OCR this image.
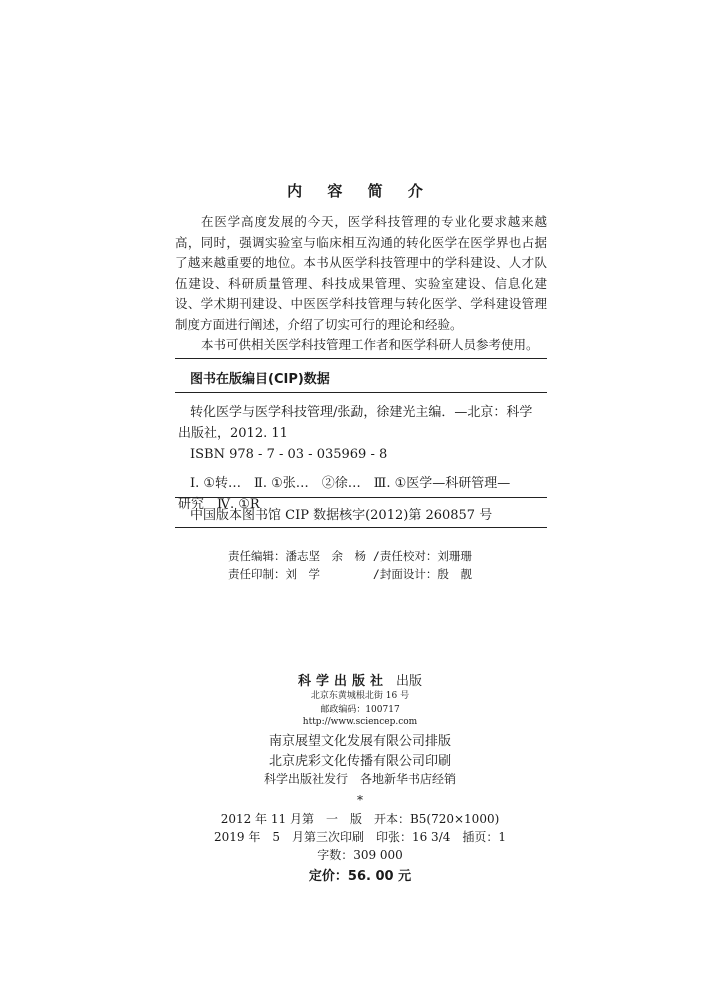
内 容 简 介

在医学高度发展的今天，医学科技管理的专业化要求越来越高，同时，强调实验室与临床相互沟通的转化医学在医学界也占据了越来越重要的地位。本书从医学科技管理中的学科建设、人才队伍建设、科研质量管理、科技成果管理、实验室建设、信息化建设、学术期刊建设、中医医学科技管理与转化医学、学科建设管理制度方面进行阐述，介绍了切实可行的理论和经验。

本书可供相关医学科技管理工作者和医学科研人员参考使用。

图书在版编目(CIP)数据
转化医学与医学科技管理/张勐，徐建光主编．—北京：科学
出版社，2012. 11
ISBN 978 - 7 - 03 - 035969 - 8
Ⅰ. ①转…　Ⅱ. ①张…　②徐…　Ⅲ. ①医学—科研管理—
研究　Ⅳ. ①R
中国版本图书馆 CIP 数据核字(2012)第 260857 号
责任编辑：潘志坚　余　杨 /责任校对：刘珊珊
责任印制：刘　学　　　　 /封面设计：殷　靓
科学出版社 出版
北京东黄城根北街 16 号
邮政编码：100717
http://www.sciencep.com
南京展望文化发展有限公司排版
北京虎彩文化传播有限公司印刷
科学出版社发行　各地新华书店经销
*
2012 年 11 月第　一　版　开本：B5(720×1000)
2019 年　5　月第三次印刷　印张：16 3/4　插页：1
字数：309 000
定价：56. 00 元
